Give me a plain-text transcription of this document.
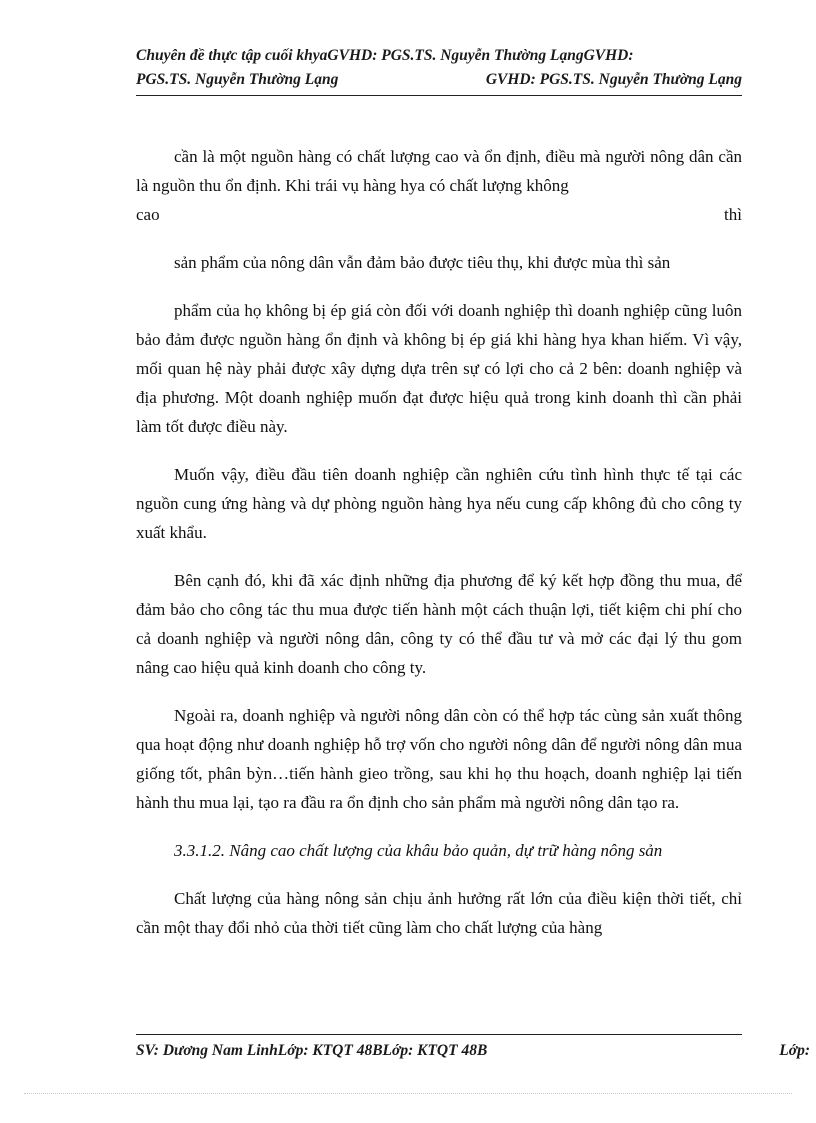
Chuyên đề thực tập cuối khyaGVHD: PGS.TS. Nguyễn Thường LạngGVHD:
PGS.TS. Nguyễn Thường Lạng	GVHD: PGS.TS. Nguyễn Thường Lạng

cần là một nguồn hàng có chất lượng cao và ổn định, điều mà người nông dân cần là nguồn thu ổn định. Khi trái vụ hàng hya có chất lượng không

cao	thì

sản phẩm của nông dân vẫn đảm bảo được tiêu thụ, khi được mùa thì sản

phẩm của họ không bị ép giá còn đối với doanh nghiệp thì doanh nghiệp cũng luôn bảo đảm được nguồn hàng ổn định và không bị ép giá khi hàng hya khan hiếm. Vì vậy, mối quan hệ này phải được xây dựng dựa trên sự có lợi cho cả 2 bên: doanh nghiệp và địa phương. Một doanh nghiệp muốn đạt được hiệu quả trong kinh doanh thì cần phải làm tốt được điều này.

Muốn vậy, điều đầu tiên doanh nghiệp cần nghiên cứu tình hình thực tế tại các nguồn cung ứng hàng và dự phòng nguồn hàng hya nếu cung cấp không đủ cho công ty xuất khẩu.

Bên cạnh đó, khi đã xác định những địa phương để ký kết hợp đồng thu mua, để đảm bảo cho công tác thu mua được tiến hành một cách thuận lợi, tiết kiệm chi phí cho cả doanh nghiệp và người nông dân, công ty có thể đầu tư và mở các đại lý thu gom nâng cao hiệu quả kinh doanh cho công ty.

Ngoài ra, doanh nghiệp và người nông dân còn có thể hợp tác cùng sản xuất thông qua hoạt động như doanh nghiệp hỗ trợ vốn cho người nông dân để người nông dân mua giống tốt, phân bỳn…tiến hành gieo trồng, sau khi họ thu hoạch, doanh nghiệp lại tiến hành thu mua lại, tạo ra đầu ra ổn định cho sản phẩm mà người nông dân tạo ra.

3.3.1.2. Nâng cao chất lượng của khâu bảo quản, dự trữ hàng nông sản

Chất lượng của hàng nông sản chịu ảnh hưởng rất lớn của điều kiện thời tiết, chỉ cần một thay đổi nhỏ của thời tiết cũng làm cho chất lượng của hàng

SV: Dương Nam LinhLớp: KTQT 48BLớp: KTQT 48B	Lớp:
